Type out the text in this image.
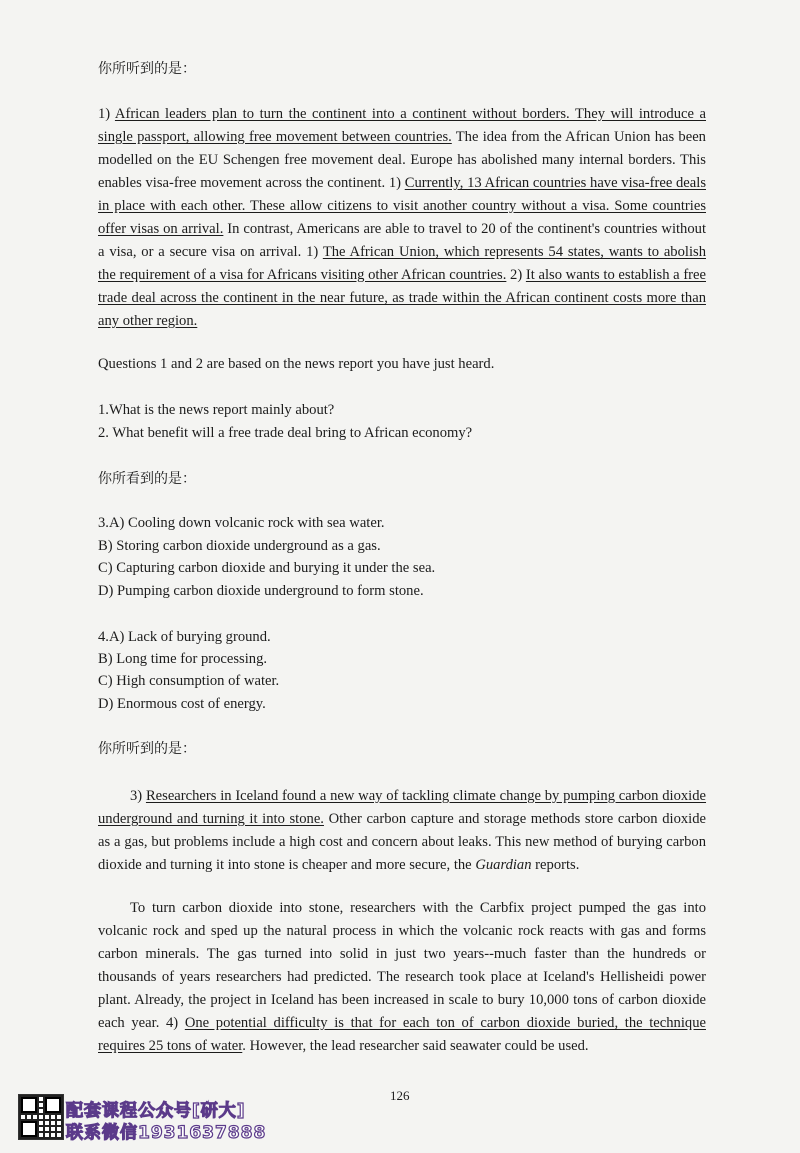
你所听到的是：

1) African leaders plan to turn the continent into a continent without borders. They will introduce a single passport, allowing free movement between countries. The idea from the African Union has been modelled on the EU Schengen free movement deal. Europe has abolished many internal borders. This enables visa-free movement across the continent. 1) Currently, 13 African countries have visa-free deals in place with each other. These allow citizens to visit another country without a visa. Some countries offer visas on arrival. In contrast, Americans are able to travel to 20 of the continent's countries without a visa, or a secure visa on arrival. 1) The African Union, which represents 54 states, wants to abolish the requirement of a visa for Africans visiting other African countries. 2) It also wants to establish a free trade deal across the continent in the near future, as trade within the African continent costs more than any other region.

Questions 1 and 2 are based on the news report you have just heard.

1.What is the news report mainly about?

2. What benefit will a free trade deal bring to African economy?

你所看到的是：

3.A) Cooling down volcanic rock with sea water.

B) Storing carbon dioxide underground as a gas.

C) Capturing carbon dioxide and burying it under the sea.

D) Pumping carbon dioxide underground to form stone.

4.A) Lack of burying ground.

B) Long time for processing.

C) High consumption of water.

D) Enormous cost of energy.

你所听到的是：

3) Researchers in Iceland found a new way of tackling climate change by pumping carbon dioxide underground and turning it into stone. Other carbon capture and storage methods store carbon dioxide as a gas, but problems include a high cost and concern about leaks. This new method of burying carbon dioxide and turning it into stone is cheaper and more secure, the Guardian reports.

To turn carbon dioxide into stone, researchers with the Carbfix project pumped the gas into volcanic rock and sped up the natural process in which the volcanic rock reacts with gas and forms carbon minerals. The gas turned into solid in just two years--much faster than the hundreds or thousands of years researchers had predicted. The research took place at Iceland's Hellisheidi power plant. Already, the project in Iceland has been increased in scale to bury 10,000 tons of carbon dioxide each year. 4) One potential difficulty is that for each ton of carbon dioxide buried, the technique requires 25 tons of water. However, the lead researcher said seawater could be used.

126
配套课程公众号[研大]
联系微信1931637888
